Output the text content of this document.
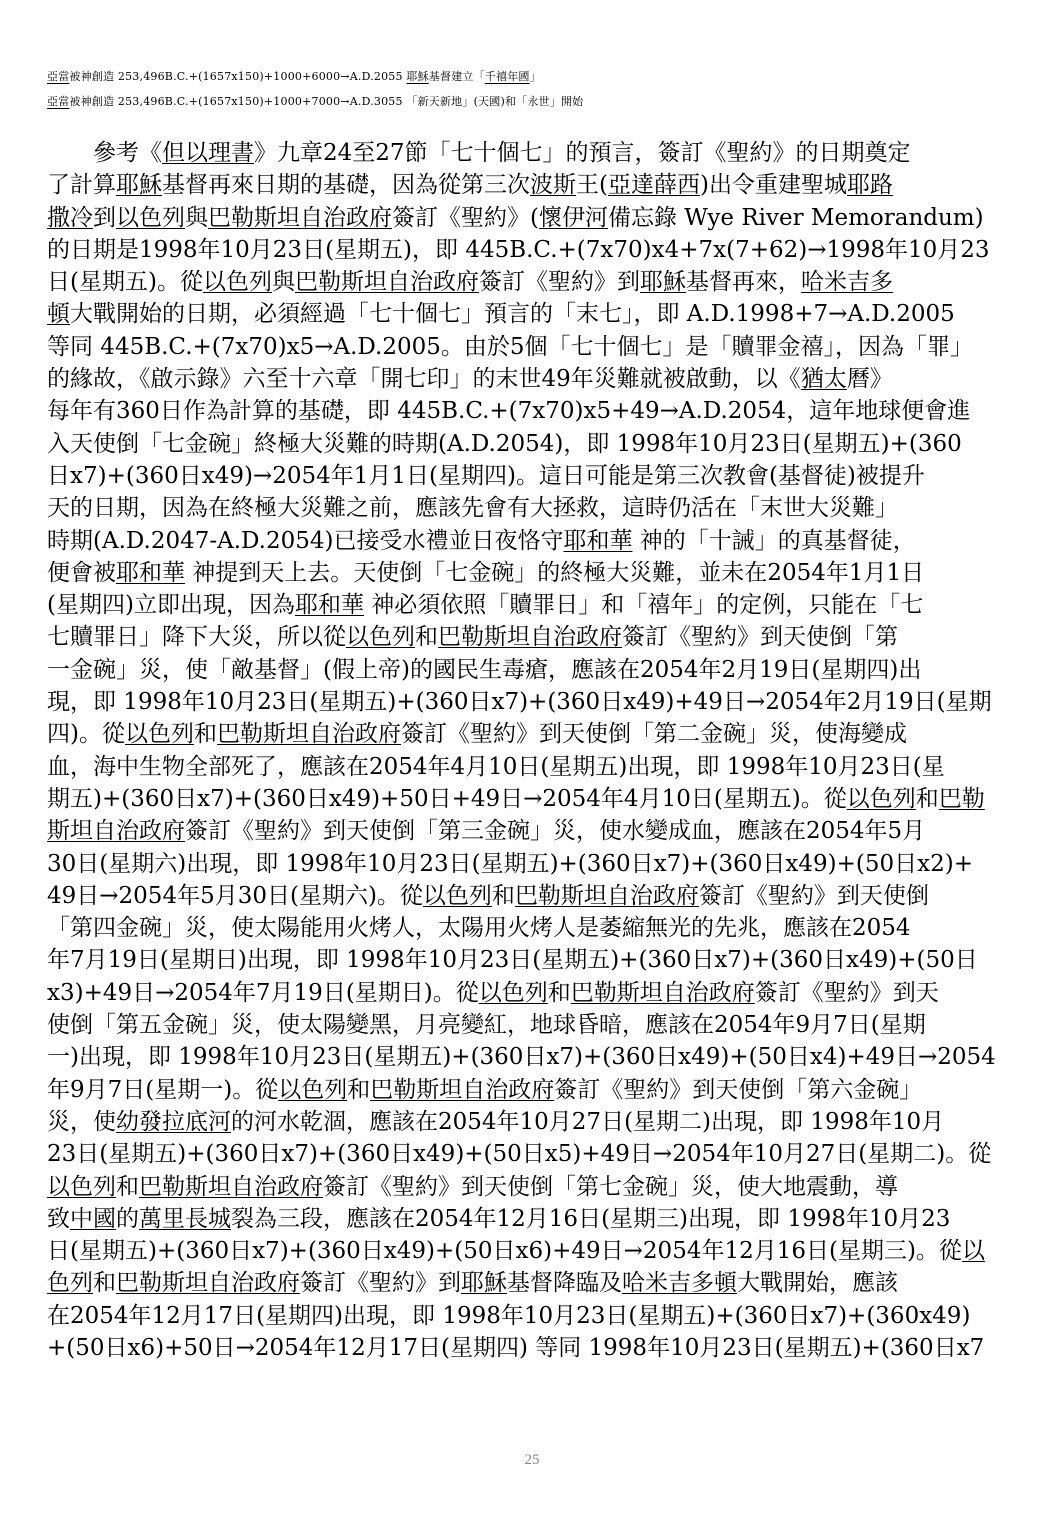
亞當被神創造 253,496B.C.+(1657x150)+1000+6000→A.D.2055 耶穌基督建立「千禧年國」
亞當被神創造 253,496B.C.+(1657x150)+1000+7000→A.D.3055 「新天新地」(天國)和「永世」開始
參考《但以理書》九章24至27節「七十個七」的預言，簽訂《聖約》的日期奠定
了計算耶穌基督再來日期的基礎，因為從第三次波斯王(亞達薛西)出令重建聖城耶路
撒冷到以色列與巴勒斯坦自治政府簽訂《聖約》(懷伊河備忘錄 Wye River Memorandum)
的日期是1998年10月23日(星期五)，即 445B.C.+(7x70)x4+7x(7+62)→1998年10月23
日(星期五)。從以色列與巴勒斯坦自治政府簽訂《聖約》到耶穌基督再來，哈米吉多
頓大戰開始的日期，必須經過「七十個七」預言的「末七」，即 A.D.1998+7→A.D.2005
等同 445B.C.+(7x70)x5→A.D.2005。由於5個「七十個七」是「贖罪金禧」，因為「罪」
的緣故，《啟示錄》六至十六章「開七印」的末世49年災難就被啟動，以《猶太曆》
每年有360日作為計算的基礎，即 445B.C.+(7x70)x5+49→A.D.2054，這年地球便會進
入天使倒「七金碗」終極大災難的時期(A.D.2054)，即 1998年10月23日(星期五)+(360
日x7)+(360日x49)→2054年1月1日(星期四)。這日可能是第三次教會(基督徒)被提升
天的日期，因為在終極大災難之前，應該先會有大拯救，這時仍活在「末世大災難」
時期(A.D.2047-A.D.2054)已接受水禮並日夜恪守耶和華 神的「十誡」的真基督徒，
便會被耶和華 神提到天上去。天使倒「七金碗」的終極大災難，並未在2054年1月1日
(星期四)立即出現，因為耶和華 神必須依照「贖罪日」和「禧年」的定例，只能在「七
七贖罪日」降下大災，所以從以色列和巴勒斯坦自治政府簽訂《聖約》到天使倒「第
一金碗」災，使「敵基督」(假上帝)的國民生毒瘡，應該在2054年2月19日(星期四)出
現，即 1998年10月23日(星期五)+(360日x7)+(360日x49)+49日→2054年2月19日(星期
四)。從以色列和巴勒斯坦自治政府簽訂《聖約》到天使倒「第二金碗」災，使海變成
血，海中生物全部死了，應該在2054年4月10日(星期五)出現，即 1998年10月23日(星
期五)+(360日x7)+(360日x49)+50日+49日→2054年4月10日(星期五)。從以色列和巴勒
斯坦自治政府簽訂《聖約》到天使倒「第三金碗」災，使水變成血，應該在2054年5月
30日(星期六)出現，即 1998年10月23日(星期五)+(360日x7)+(360日x49)+(50日x2)+
49日→2054年5月30日(星期六)。從以色列和巴勒斯坦自治政府簽訂《聖約》到天使倒
「第四金碗」災，使太陽能用火烤人，太陽用火烤人是萎縮無光的先兆，應該在2054
年7月19日(星期日)出現，即 1998年10月23日(星期五)+(360日x7)+(360日x49)+(50日
x3)+49日→2054年7月19日(星期日)。從以色列和巴勒斯坦自治政府簽訂《聖約》到天
使倒「第五金碗」災，使太陽變黑，月亮變紅，地球昏暗，應該在2054年9月7日(星期
一)出現，即 1998年10月23日(星期五)+(360日x7)+(360日x49)+(50日x4)+49日→2054
年9月7日(星期一)。從以色列和巴勒斯坦自治政府簽訂《聖約》到天使倒「第六金碗」
災，使幼發拉底河的河水乾涸，應該在2054年10月27日(星期二)出現，即 1998年10月
23日(星期五)+(360日x7)+(360日x49)+(50日x5)+49日→2054年10月27日(星期二)。從
以色列和巴勒斯坦自治政府簽訂《聖約》到天使倒「第七金碗」災，使大地震動，導
致中國的萬里長城裂為三段，應該在2054年12月16日(星期三)出現，即 1998年10月23
日(星期五)+(360日x7)+(360日x49)+(50日x6)+49日→2054年12月16日(星期三)。從以
色列和巴勒斯坦自治政府簽訂《聖約》到耶穌基督降臨及哈米吉多頓大戰開始，應該
在2054年12月17日(星期四)出現，即 1998年10月23日(星期五)+(360日x7)+(360x49)
+(50日x6)+50日→2054年12月17日(星期四) 等同 1998年10月23日(星期五)+(360日x7
25
